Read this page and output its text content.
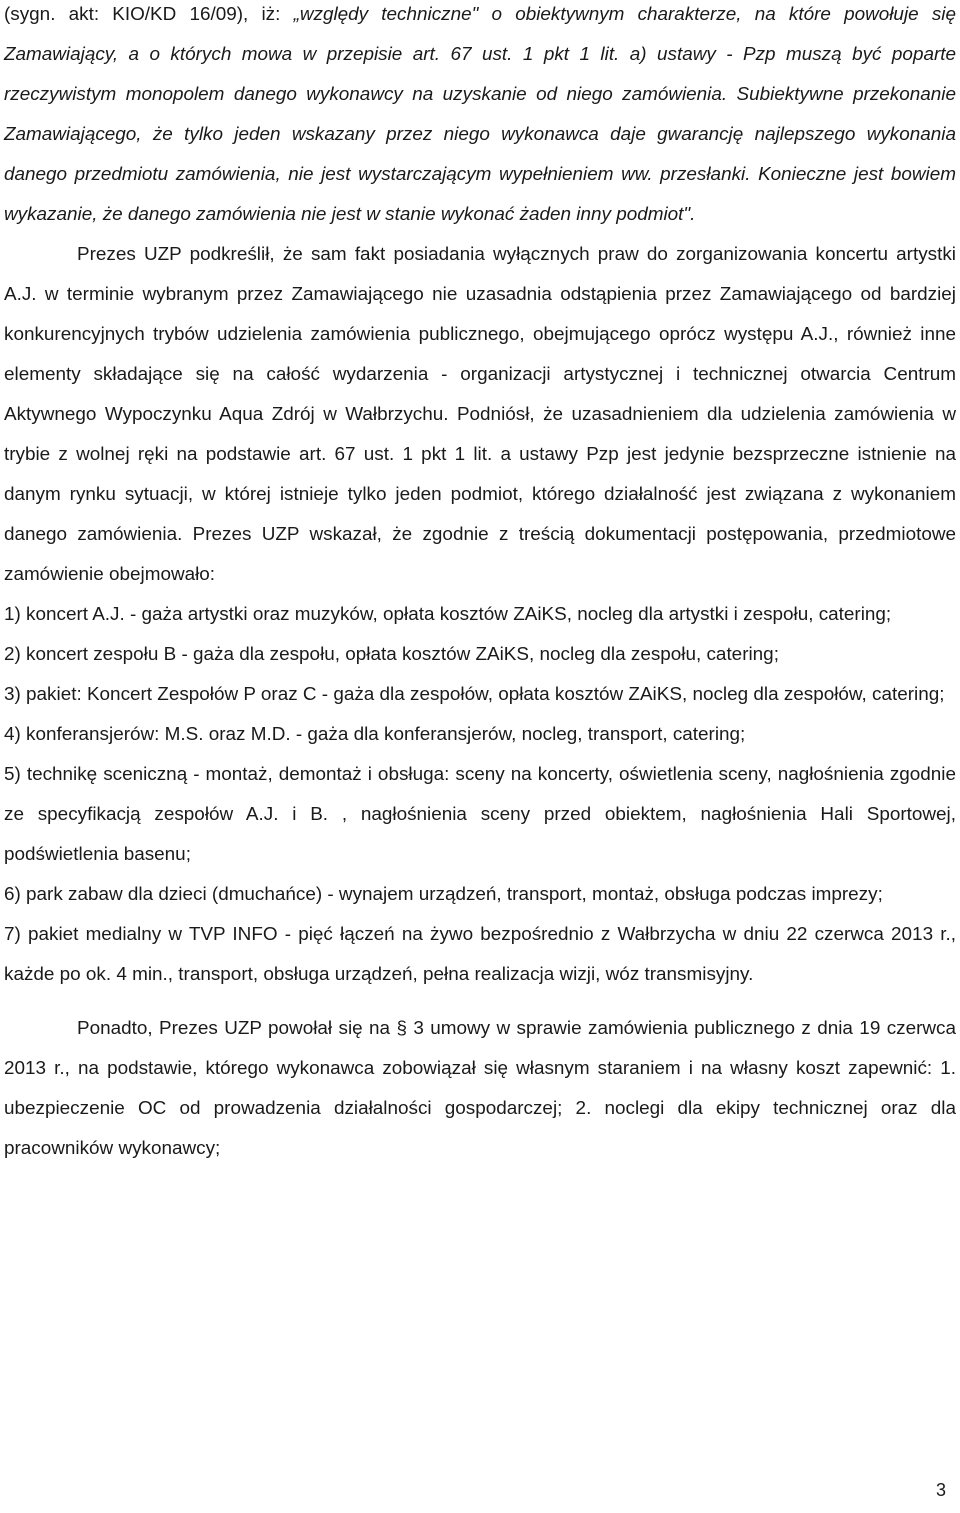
(sygn. akt: KIO/KD 16/09), iż: „względy techniczne" o obiektywnym charakterze, na które powołuje się Zamawiający, a o których mowa w przepisie art. 67 ust. 1 pkt 1 lit. a) ustawy - Pzp muszą być poparte rzeczywistym monopolem danego wykonawcy na uzyskanie od niego zamówienia. Subiektywne przekonanie Zamawiającego, że tylko jeden wskazany przez niego wykonawca daje gwarancję najlepszego wykonania danego przedmiotu zamówienia, nie jest wystarczającym wypełnieniem ww. przesłanki. Konieczne jest bowiem wykazanie, że danego zamówienia nie jest w stanie wykonać żaden inny podmiot".

Prezes UZP podkreślił, że sam fakt posiadania wyłącznych praw do zorganizowania koncertu artystki A.J. w terminie wybranym przez Zamawiającego nie uzasadnia odstąpienia przez Zamawiającego od bardziej konkurencyjnych trybów udzielenia zamówienia publicznego, obejmującego oprócz występu A.J., również inne elementy składające się na całość wydarzenia - organizacji artystycznej i technicznej otwarcia Centrum Aktywnego Wypoczynku Aqua Zdrój w Wałbrzychu. Podniósł, że uzasadnieniem dla udzielenia zamówienia w trybie z wolnej ręki na podstawie art. 67 ust. 1 pkt 1 lit. a ustawy Pzp jest jedynie bezsprzeczne istnienie na danym rynku sytuacji, w której istnieje tylko jeden podmiot, którego działalność jest związana z wykonaniem danego zamówienia. Prezes UZP wskazał, że zgodnie z treścią dokumentacji postępowania, przedmiotowe zamówienie obejmowało:

1) koncert A.J. - gaża artystki oraz muzyków, opłata kosztów ZAiKS, nocleg dla artystki i zespołu, catering;

2) koncert zespołu B - gaża dla zespołu, opłata kosztów ZAiKS, nocleg dla zespołu, catering;

3) pakiet: Koncert Zespołów P oraz C - gaża dla zespołów, opłata kosztów ZAiKS, nocleg dla zespołów, catering;

4) konferansjerów: M.S. oraz M.D. - gaża dla konferansjerów, nocleg, transport, catering;

5) technikę sceniczną - montaż, demontaż i obsługa: sceny na koncerty, oświetlenia sceny, nagłośnienia zgodnie ze specyfikacją zespołów A.J. i B. , nagłośnienia sceny przed obiektem, nagłośnienia Hali Sportowej, podświetlenia basenu;

6) park zabaw dla dzieci (dmuchańce) - wynajem urządzeń, transport, montaż, obsługa podczas imprezy;

7) pakiet medialny w TVP INFO - pięć łączeń na żywo bezpośrednio z Wałbrzycha w dniu 22 czerwca 2013 r., każde po ok. 4 min., transport, obsługa urządzeń, pełna realizacja wizji, wóz transmisyjny.

Ponadto, Prezes UZP powołał się na § 3 umowy w sprawie zamówienia publicznego z dnia 19 czerwca 2013 r., na podstawie, którego wykonawca zobowiązał się własnym staraniem i na własny koszt zapewnić: 1. ubezpieczenie OC od prowadzenia działalności gospodarczej; 2. noclegi dla ekipy technicznej oraz dla pracowników wykonawcy;

3
